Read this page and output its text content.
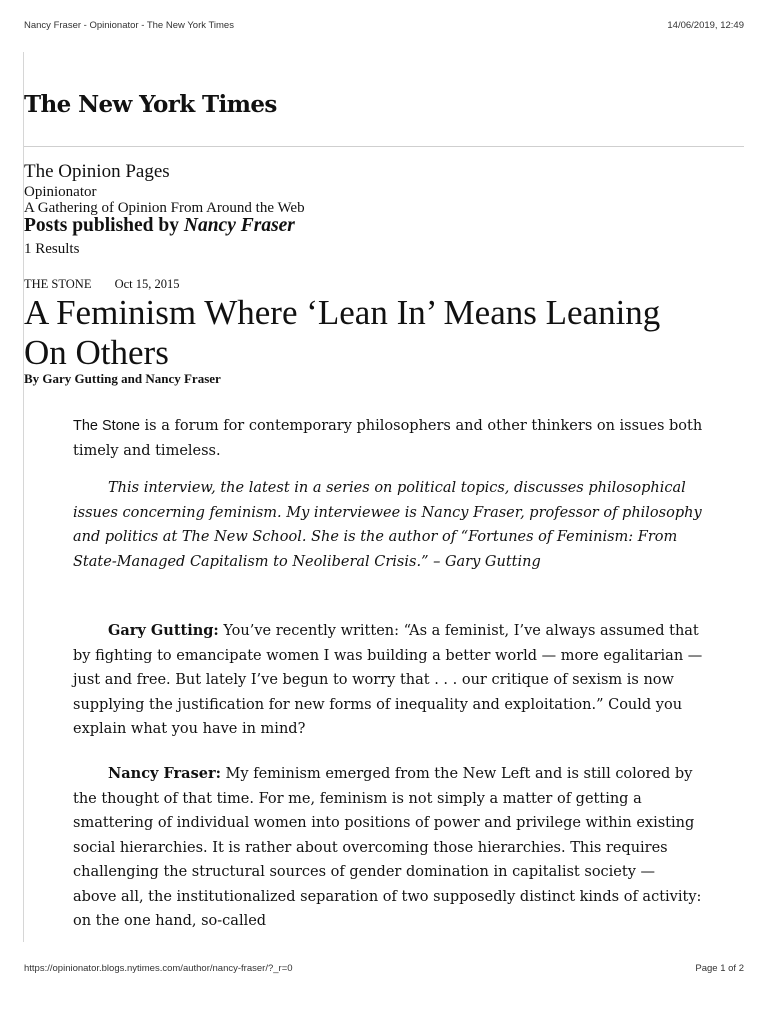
Nancy Fraser - Opinionator - The New York Times	14/06/2019, 12:49
The New York Times
The Opinion Pages
Opinionator
A Gathering of Opinion From Around the Web
Posts published by Nancy Fraser
1 Results
THE STONE Oct 15, 2015
A Feminism Where ‘Lean In’ Means Leaning On Others
By Gary Gutting and Nancy Fraser

The Stone is a forum for contemporary philosophers and other thinkers on issues both timely and timeless.

This interview, the latest in a series on political topics, discusses philosophical issues concerning feminism. My interviewee is Nancy Fraser, professor of philosophy and politics at The New School. She is the author of “Fortunes of Feminism: From State-Managed Capitalism to Neoliberal Crisis.” – Gary Gutting

Gary Gutting: You’ve recently written: “As a feminist, I’ve always assumed that by fighting to emancipate women I was building a better world — more egalitarian — just and free. But lately I’ve begun to worry that . . . our critique of sexism is now supplying the justification for new forms of inequality and exploitation.” Could you explain what you have in mind?

Nancy Fraser: My feminism emerged from the New Left and is still colored by the thought of that time. For me, feminism is not simply a matter of getting a smattering of individual women into positions of power and privilege within existing social hierarchies. It is rather about overcoming those hierarchies. This requires challenging the structural sources of gender domination in capitalist society — above all, the institutionalized separation of two supposedly distinct kinds of activity: on the one hand, so-called

https://opinionator.blogs.nytimes.com/author/nancy-fraser/?_r=0	Page 1 of 2
